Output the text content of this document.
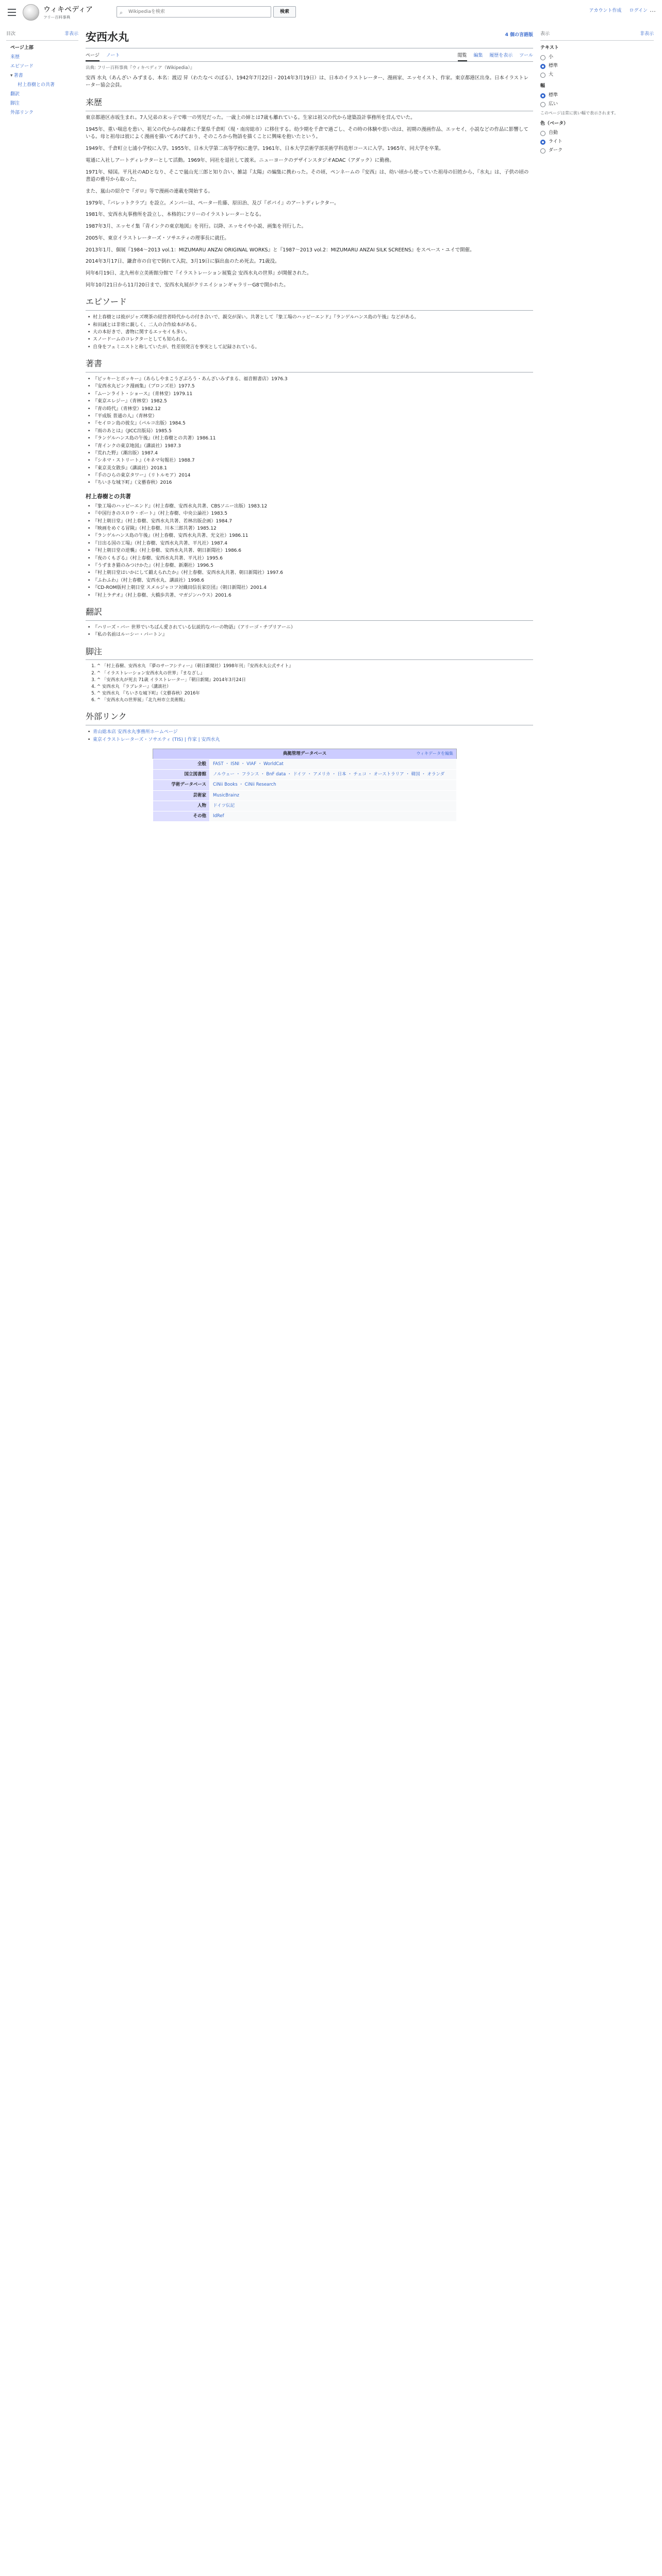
ウィキペディア
フリー百科事典
Wikipediaを検索
⌕	検索	アカウント作成 ログイン ⋯
目次	非表示
ページ上部
来歴
エピソード
▾ 著書
村上春樹との共著
翻訳
脚注
外部リンク
安西水丸	4 個の言語版
ページ ノート	閲覧 編集 履歴を表示 ツール
出典: フリー百科事典『ウィキペディア（Wikipedia）』

安西 水丸（あんざい みずまる、本名：渡辺 昇（わたなべ のぼる）、1942年7月22日 - 2014年3月19日）は、日本のイラストレーター、漫画家、エッセイスト、作家。東京都港区出身。日本イラストレーター協会会員。

来歴

東京都港区赤坂生まれ。7人兄弟の末っ子で唯一の男児だった。一歳上の姉とは7歳も離れている。生家は祖父の代から建築設計事務所を営んでいた。

1945年、重い喘息を患い、祖父の代からの縁者に千葉県千倉町（現・南房総市）に移住する。幼少期を千倉で過ごし、その時の体験や思い出は、初期の漫画作品、エッセイ、小説などの作品に影響している。母と祖母は彼によく漫画を描いてあげており、そのころから物語を描くことに興味を抱いたという。

1949年、千倉町立七浦小学校に入学。1955年、日本大学第二高等学校に進学。1961年、日本大学芸術学部美術学科造形コースに入学。1965年、同大学を卒業。

電通に入社しアートディレクターとして活動。1969年、同社を退社して渡米。ニューヨークのデザインスタジオADAC（アダック）に勤務。

1971年、帰国。平凡社のADとなり、そこで嵐山光三郎と知り合い、雑誌『太陽』の編集に携わった。その頃、ペンネームの『安西』は、幼い頃から使っていた祖母の旧姓から、『水丸』は、子供の頃の書道の雅号から取った。

また、嵐山の紹介で『ガロ』等で漫画の連載を開始する。

1979年、『パレットクラブ』を設立。メンバーは、ペーター佐藤、原田治、及び『ポパイ』のアートディレクター。

1981年、安西水丸事務所を設立し、本格的にフリーのイラストレーターとなる。

1987年3月、エッセイ集『青インクの東京地図』を刊行。以降、エッセイや小説、画集を刊行した。

2005年、東京イラストレーターズ・ソサエティの理事長に就任。

2013年1月、個展『1984〜2013 vol.1：MIZUMARU ANZAI ORIGINAL WORKS』と『1987〜2013 vol.2：MIZUMARU ANZAI SILK SCREENS』をスペース・ユイで開催。

2014年3月17日、鎌倉市の自宅で倒れて入院、3月19日に脳出血のため死去。71歳没。

同年6月19日、北九州市立美術館分館で『イラストレーション展覧会 安西水丸の世界』が開催された。

同年10月21日から11月20日まで、安西水丸展がクリエイションギャラリーG8で開かれた。

エピソード
• 村上春樹とは彼がジャズ喫茶の経営者時代からの付き合いで、親交が深い。共著として『象工場のハッピーエンド』『ランゲルハンス島の午後』などがある。
• 和田誠とは非常に親しく、二人の合作絵本がある。
• 大の本好きで、書物に関するエッセイも多い。
• スノードームのコレクターとしても知られる。
• 自身をフェミニストと称していたが、性差別発言を事実として記録されている。
著書
• 『ピッキーとポッキー』（あらしやまこうざぶろう・あんざいみずまる、福音館書店）1976.3
• 『安西水丸ピンク漫画集』（ブロンズ社）1977.5
• 『ムーンライト・ショース』（青林堂）1979.11
• 『東京エレジー』（青林堂）1982.5
• 『青の時代』（青林堂）1982.12
• 『平成版 普通の人』（青林堂）
• 『セイロン島の彼女』（パルコ出版）1984.5
• 『雨のあとは』（JICC出版局）1985.5
• 『ランゲルハンス島の午後』（村上春樹との共著）1986.11
• 『青インクの東京地図』（講談社）1987.3
• 『荒れた野』（潮出版）1987.4
• 『シネマ・ストリート』（キネマ旬報社）1988.7
• 『東京美女散歩』（講談社）2018.1
• 『手のひらの東京タワー』（リトルモア）2014
• 『ちいさな城下町』（文藝春秋）2016
村上春樹との共著
• 『象工場のハッピーエンド』（村上春樹、安西水丸共著、CBSソニー出版）1983.12
• 『中国行きのスロウ・ボート』（村上春樹、中央公論社）1983.5
• 『村上朝日堂』（村上春樹、安西水丸共著、若林出版企画）1984.7
• 『映画をめぐる冒険』（村上春樹、川本三郎共著）1985.12
• 『ランゲルハンス島の午後』（村上春樹、安西水丸共著、光文社）1986.11
• 『日出る国の工場』（村上春樹、安西水丸共著、平凡社）1987.4
• 『村上朝日堂の逆襲』（村上春樹、安西水丸共著、朝日新聞社）1986.6
• 『夜のくもざる』（村上春樹、安西水丸共著、平凡社）1995.6
• 『うずまき猫のみつけかた』（村上春樹、新潮社）1996.5
• 『村上朝日堂はいかにして鍛えられたか』（村上春樹、安西水丸共著、朝日新聞社）1997.6
• 『ふわふわ』（村上春樹、安西水丸、講談社）1998.6
• 『CD-ROM版村上朝日堂 スメルジャコフ対織田信長家臣団』（朝日新聞社）2001.4
• 『村上ラヂオ』（村上春樹、大橋歩共著、マガジンハウス）2001.6
翻訳
• 『ハリーズ・バー 世界でいちばん愛されている伝説的なバーの物語』（アリーゴ・チプリアーニ）
• 『私の名前はルーシー・バートン』
脚注
1. ^ 「村上春樹、安西水丸 『夢のサーフシティー』（朝日新聞社）1998年刊」『安西水丸公式サイト』
2. ^ 「イラストレーション安西水丸の世界」『まなざし』
3. ^ 「安西水丸が死去 71歳 イラストレーター」『朝日新聞』2014年3月24日
4. ^ 安西水丸 『ラブレター』（講談社）
5. ^ 安西水丸 『ちいさな城下町』（文藝春秋）2016年
6. ^ 「安西水丸の世界展」『北九州市立美術館』
外部リンク
• 青山総本店 安西水丸事務所ホームページ
• 東京イラストレーターズ・ソサエティ (TIS) | 作家 | 安西水丸
典拠管理データベース	ウィキデータを編集
全般	FAST ・ ISNI ・ VIAF ・ WorldCat
国立図書館	ノルウェー ・ フランス ・ BnF data ・ ドイツ ・ アメリカ ・ 日本 ・ チェコ ・ オーストラリア ・ 韓国 ・ オランダ
学術データベース	CiNii Books ・ CiNii Research
芸術家	MusicBrainz
人物	ドイツ伝記
その他	IdRef
表示	非表示
テキスト
小
標準
大
幅
標準
広い
このページは常に狭い幅で表示されます。
色（ベータ）
自動
ライト
ダーク
